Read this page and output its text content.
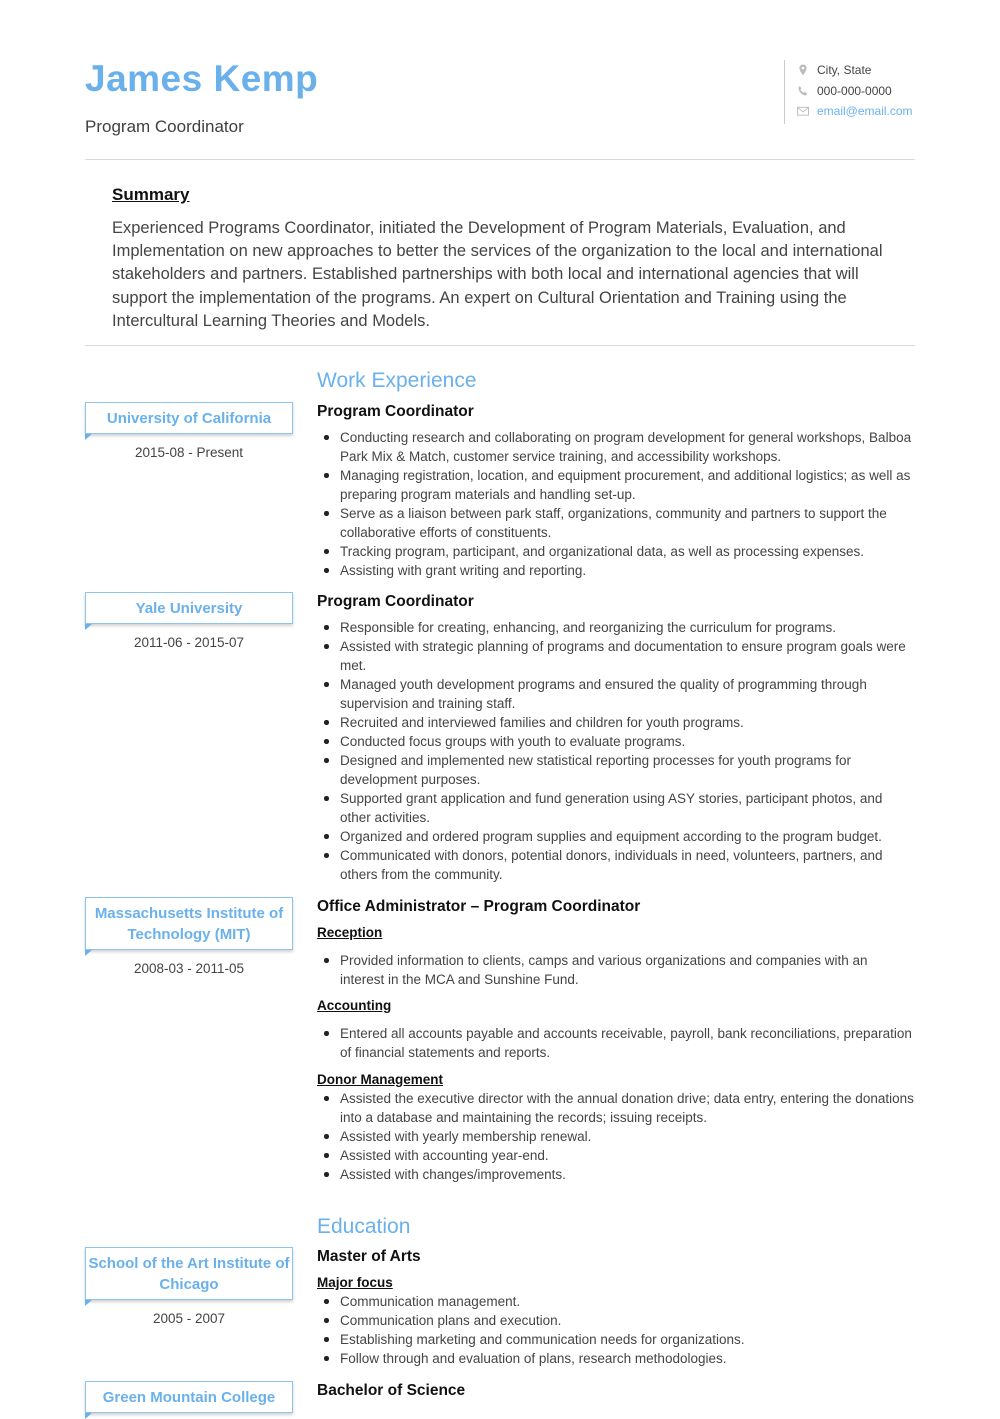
James Kemp
Program Coordinator
City, State
000-000-0000
email@email.com
Summary
Experienced Programs Coordinator, initiated the Development of Program Materials, Evaluation, and Implementation on new approaches to better the services of the organization to the local and international stakeholders and partners. Established partnerships with both local and international agencies that will support the implementation of the programs. An expert on Cultural Orientation and Training using the Intercultural Learning Theories and Models.
Work Experience
University of California
2015-08 - Present
Program Coordinator
Conducting research and collaborating on program development for general workshops, Balboa Park Mix & Match, customer service training, and accessibility workshops.
Managing registration, location, and equipment procurement, and additional logistics; as well as preparing program materials and handling set-up.
Serve as a liaison between park staff, organizations, community and partners to support the collaborative efforts of constituents.
Tracking program, participant, and organizational data, as well as processing expenses.
Assisting with grant writing and reporting.
Yale University
2011-06 - 2015-07
Program Coordinator
Responsible for creating, enhancing, and reorganizing the curriculum for programs.
Assisted with strategic planning of programs and documentation to ensure program goals were met.
Managed youth development programs and ensured the quality of programming through supervision and training staff.
Recruited and interviewed families and children for youth programs.
Conducted focus groups with youth to evaluate programs.
Designed and implemented new statistical reporting processes for youth programs for development purposes.
Supported grant application and fund generation using ASY stories, participant photos, and other activities.
Organized and ordered program supplies and equipment according to the program budget.
Communicated with donors, potential donors, individuals in need, volunteers, partners, and others from the community.
Massachusetts Institute of Technology (MIT)
2008-03 - 2011-05
Office Administrator – Program Coordinator
Reception
Provided information to clients, camps and various organizations and companies with an interest in the MCA and Sunshine Fund.
Accounting
Entered all accounts payable and accounts receivable, payroll, bank reconciliations, preparation of financial statements and reports.
Donor Management
Assisted the executive director with the annual donation drive; data entry, entering the donations into a database and maintaining the records; issuing receipts.
Assisted with yearly membership renewal.
Assisted with accounting year-end.
Assisted with changes/improvements.
Education
School of the Art Institute of Chicago
2005 - 2007
Master of Arts
Major focus
Communication management.
Communication plans and execution.
Establishing marketing and communication needs for organizations.
Follow through and evaluation of plans, research methodologies.
Green Mountain College	Bachelor of Science
